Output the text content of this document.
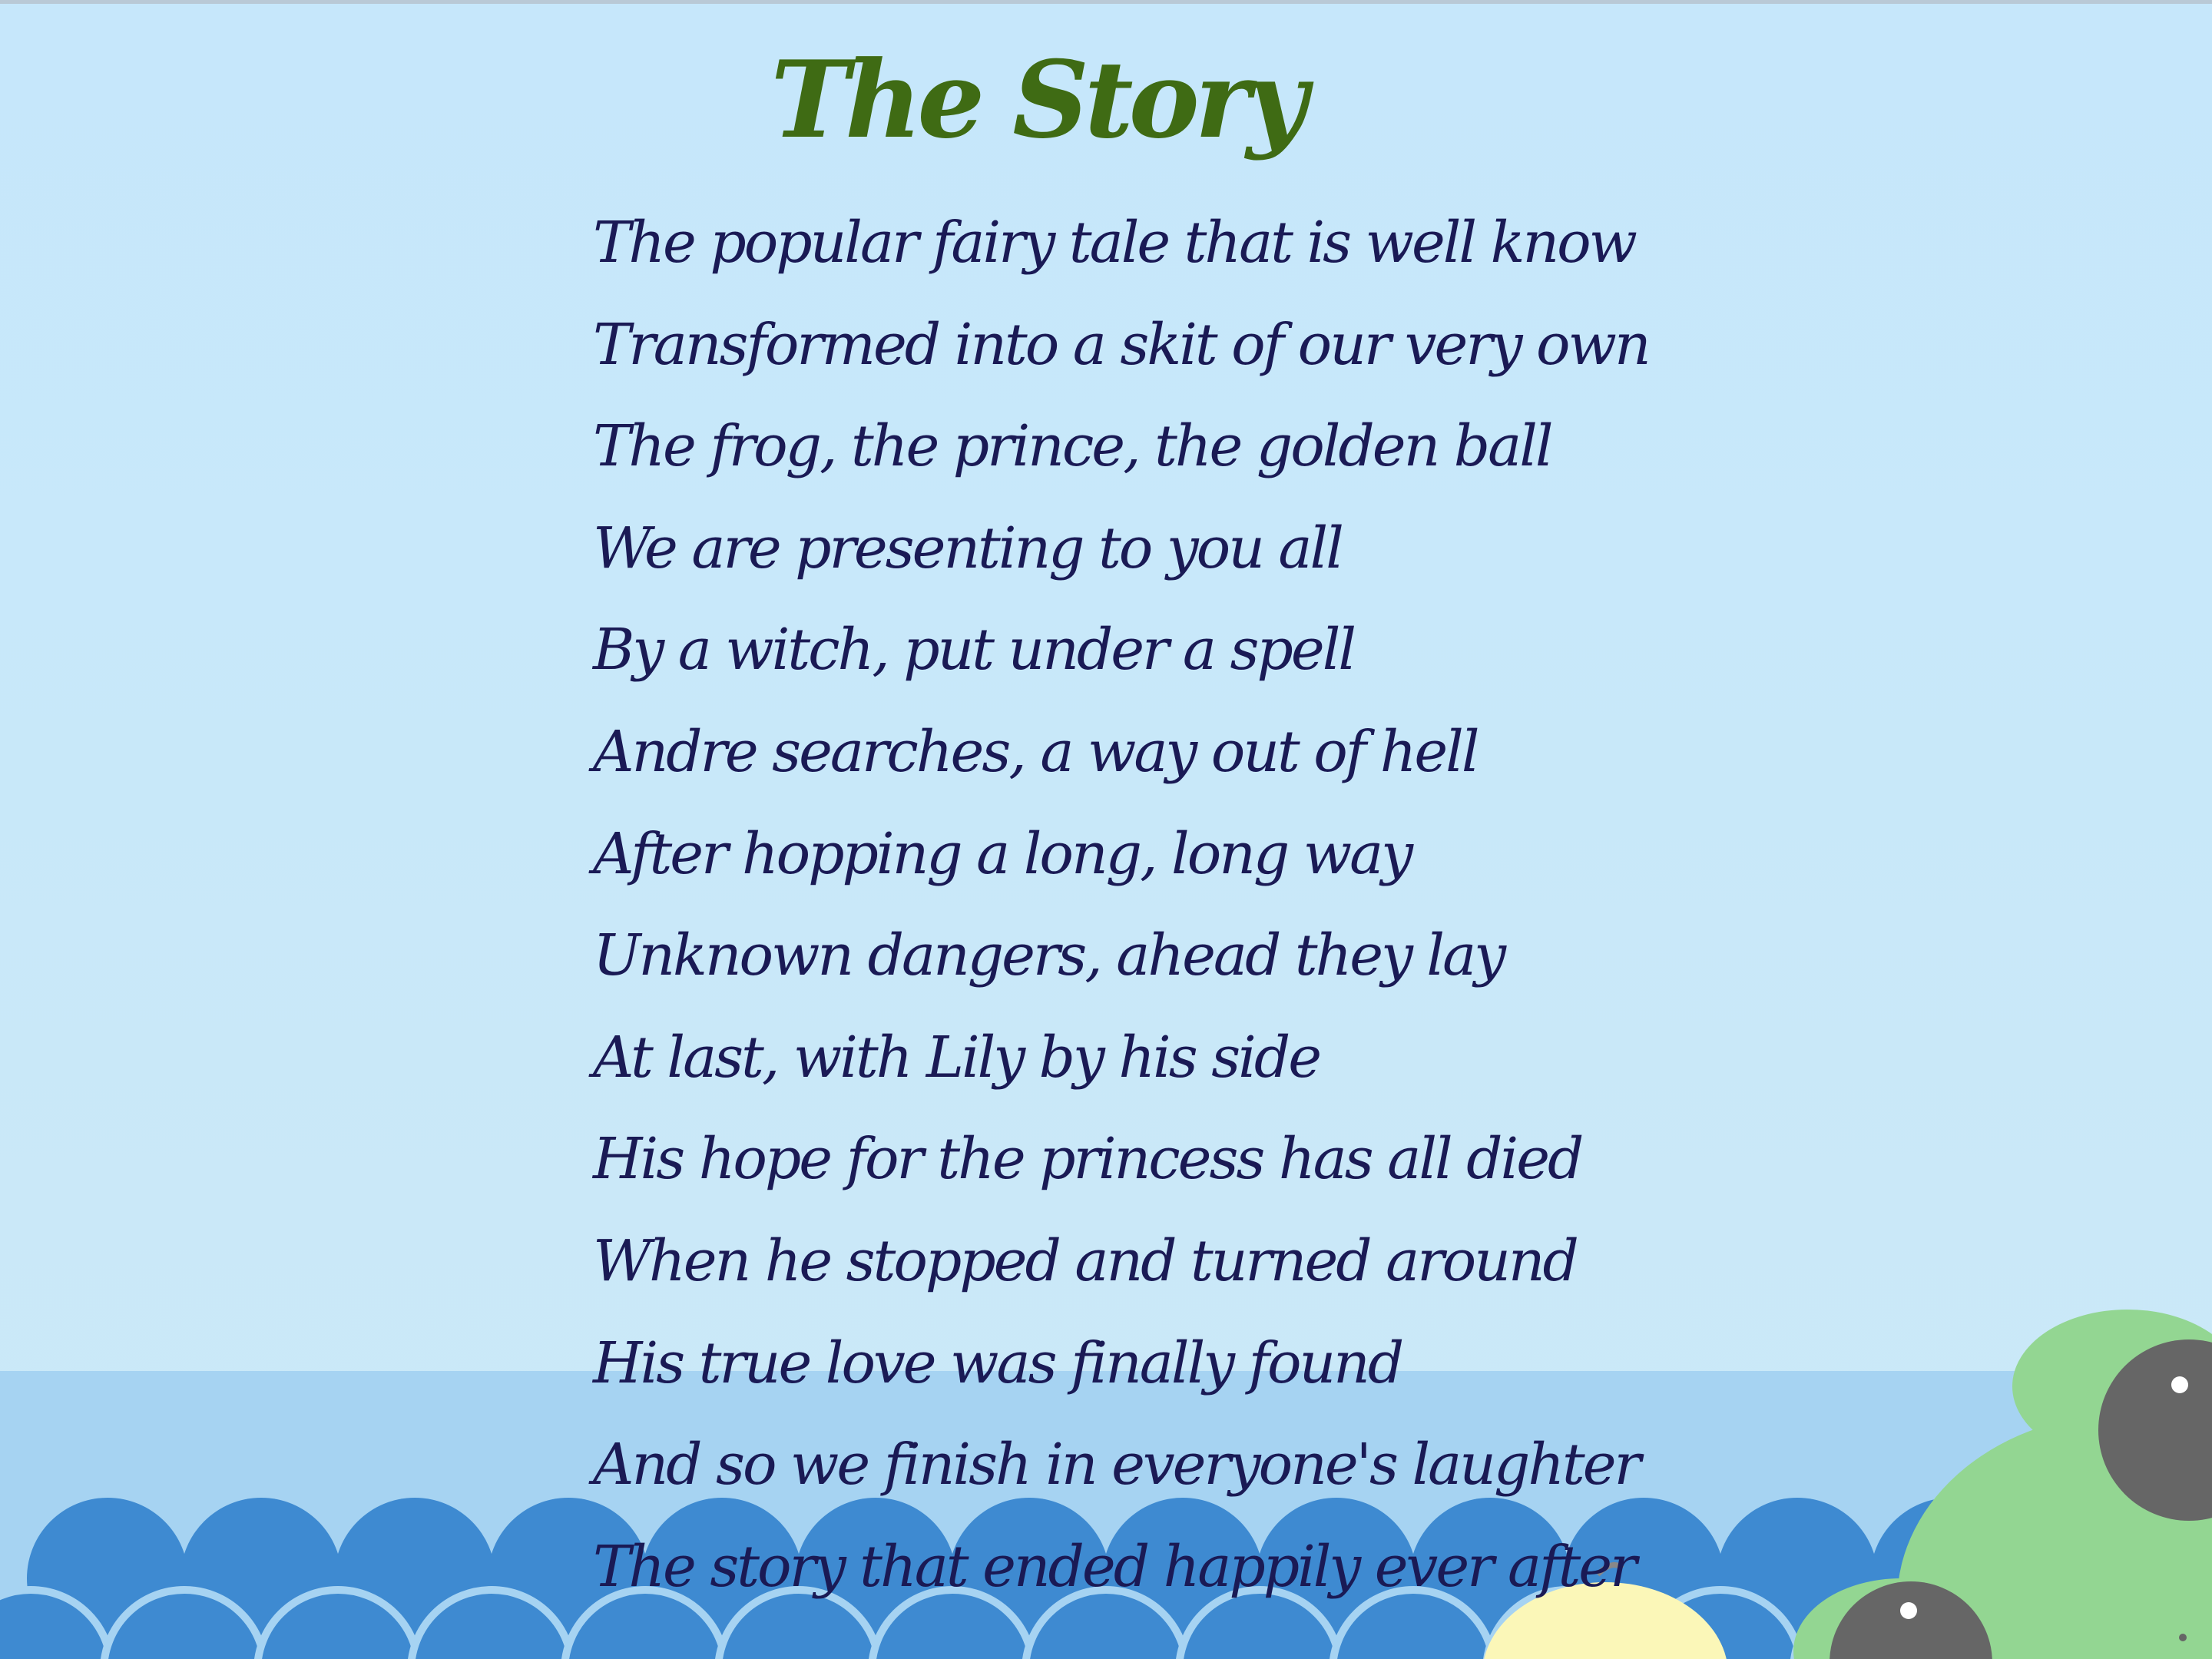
The Story
The popular fairy tale that is well know
Transformed into a skit of our very own
The frog, the prince, the golden ball
We are presenting to you all
By a witch, put under a spell
Andre searches, a way out of hell
After hopping a long, long way
Unknown dangers, ahead they lay
At last, with Lily by his side
His hope for the princess has all died
When he stopped and turned around
His true love was finally found
And so we finish in everyone's laughter
The story that ended happily ever after
